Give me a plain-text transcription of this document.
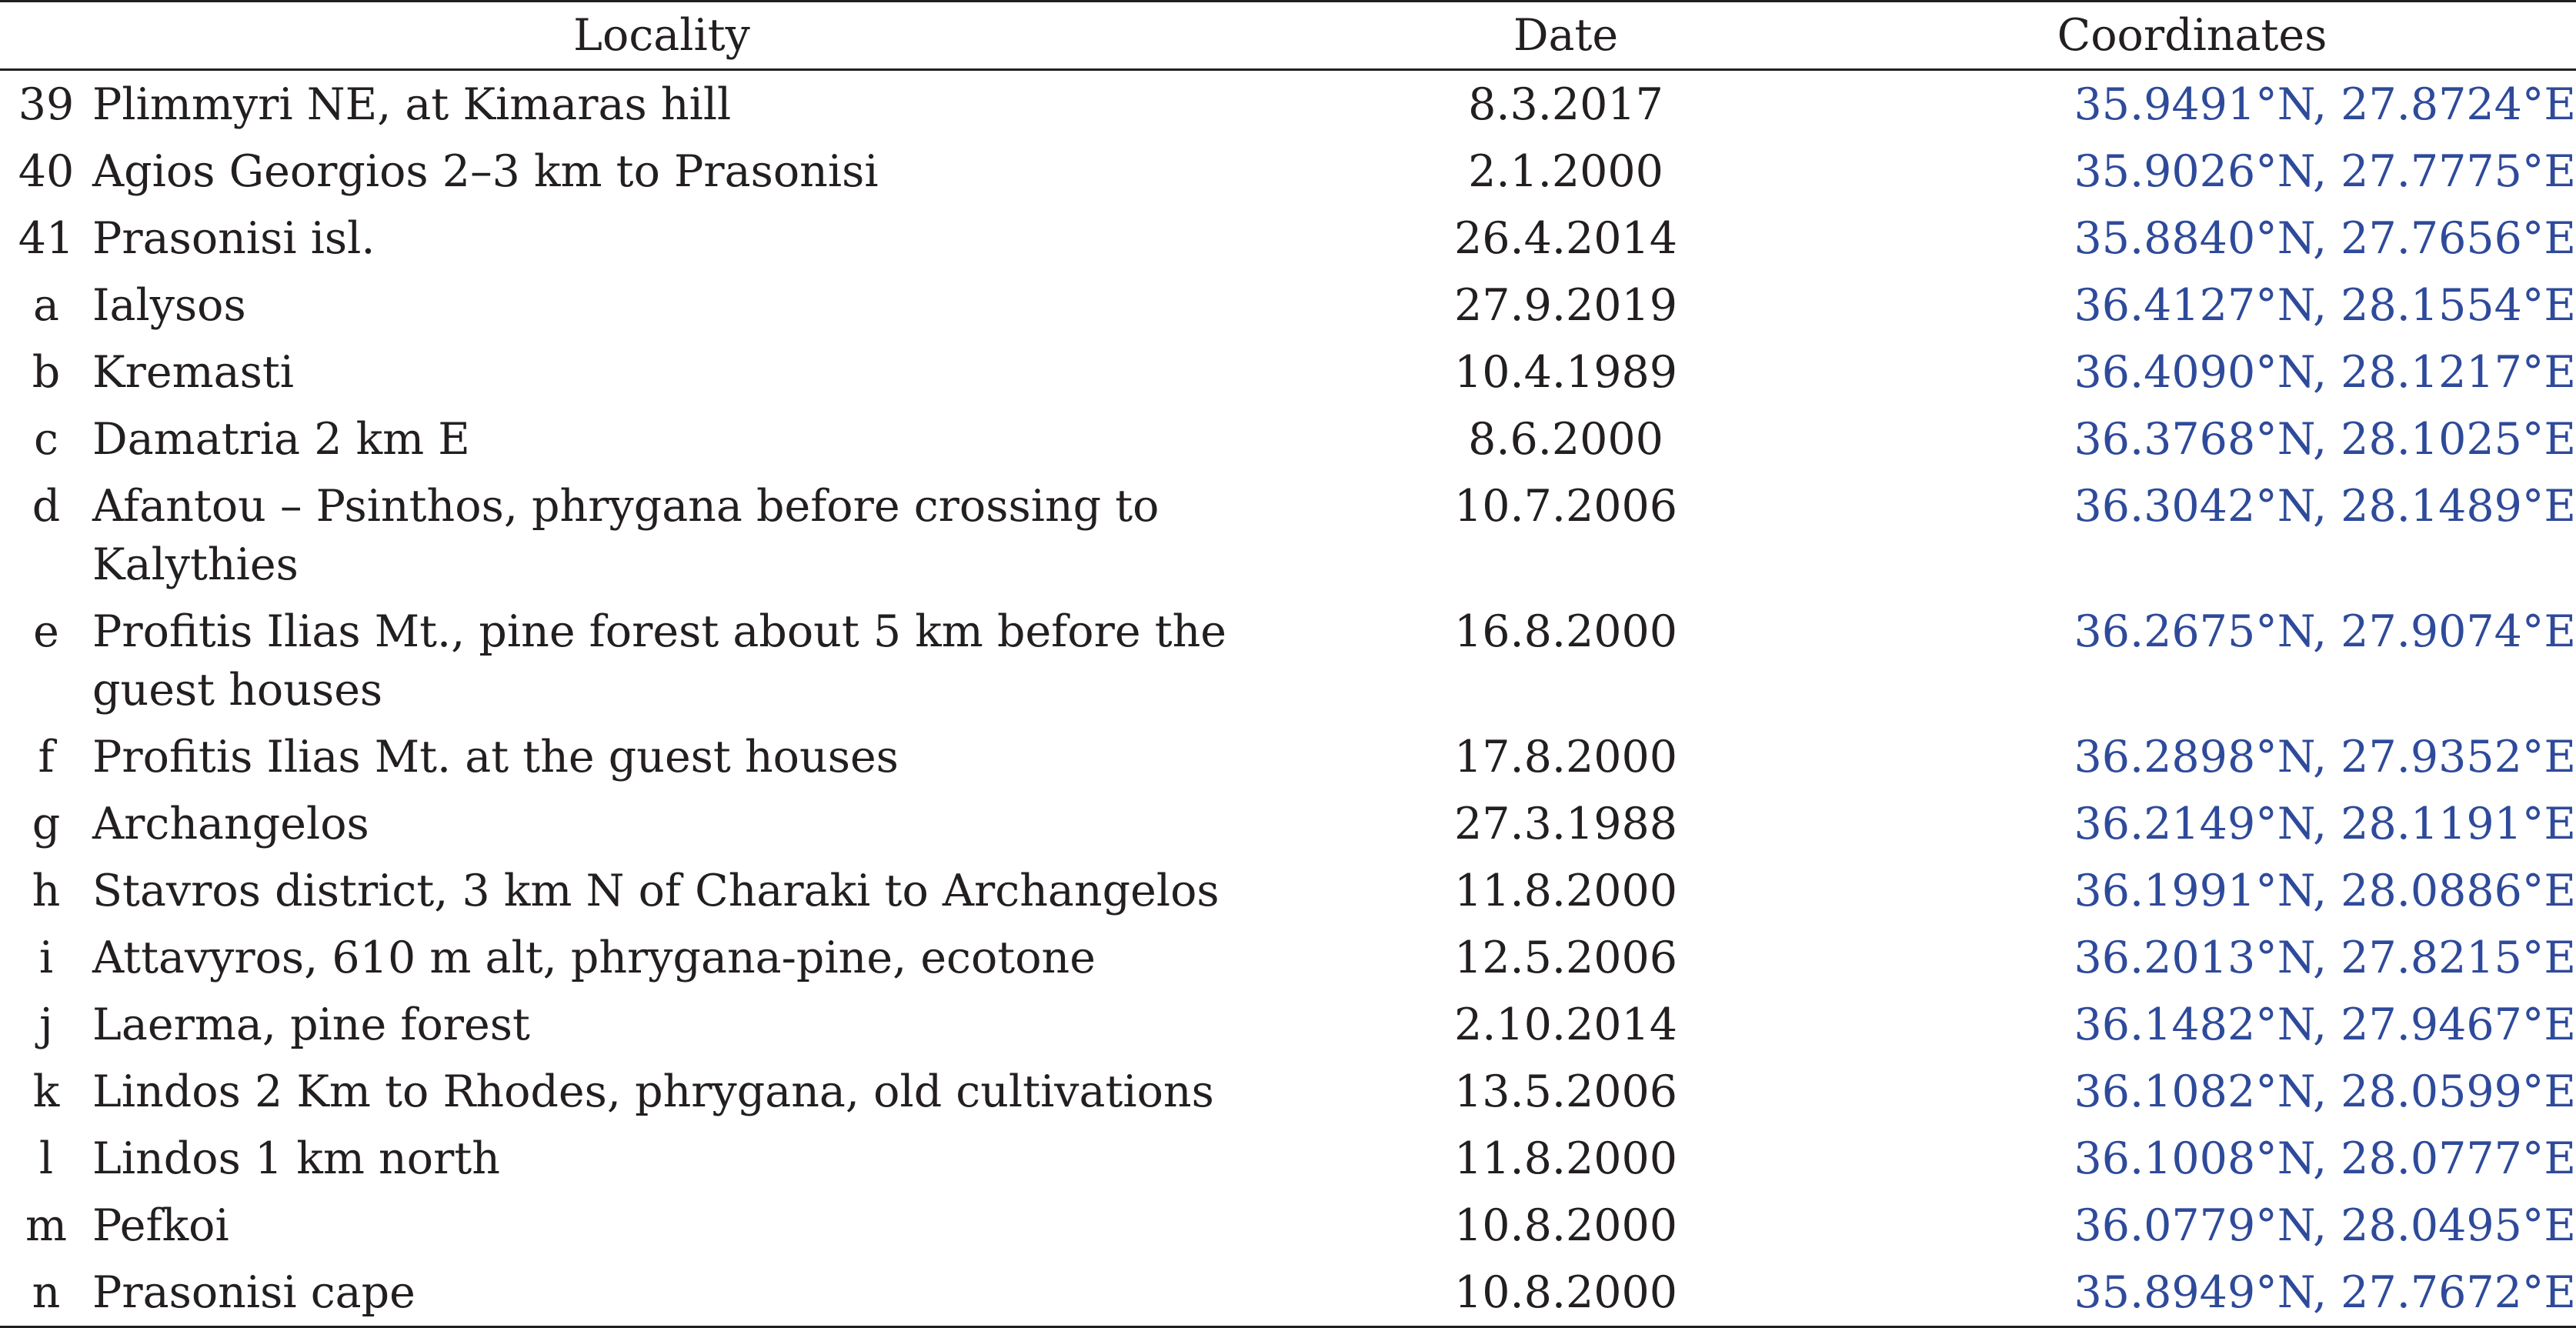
Locality		Date	Coordinates
39	Plimmyri NE, at Kimaras hill	8.3.2017	35.9491°N, 27.8724°E
40	Agios Georgios 2–3 km to Prasonisi	2.1.2000	35.9026°N, 27.7775°E
41	Prasonisi isl.	26.4.2014	35.8840°N, 27.7656°E
a	Ialysos	27.9.2019	36.4127°N, 28.1554°E
b	Kremasti	10.4.1989	36.4090°N, 28.1217°E
c	Damatria 2 km E	8.6.2000	36.3768°N, 28.1025°E
d	Afantou – Psinthos, phrygana before crossing to Kalythies	10.7.2006	36.3042°N, 28.1489°E
e	Profitis Ilias Mt., pine forest about 5 km before the guest houses	16.8.2000	36.2675°N, 27.9074°E
f	Profitis Ilias Mt. at the guest houses	17.8.2000	36.2898°N, 27.9352°E
g	Archangelos	27.3.1988	36.2149°N, 28.1191°E
h	Stavros district, 3 km N of Charaki to Archangelos	11.8.2000	36.1991°N, 28.0886°E
i	Attavyros, 610 m alt, phrygana-pine, ecotone	12.5.2006	36.2013°N, 27.8215°E
j	Laerma, pine forest	2.10.2014	36.1482°N, 27.9467°E
k	Lindos 2 Km to Rhodes, phrygana, old cultivations	13.5.2006	36.1082°N, 28.0599°E
l	Lindos 1 km north	11.8.2000	36.1008°N, 28.0777°E
m	Pefkoi	10.8.2000	36.0779°N, 28.0495°E
n	Prasonisi cape	10.8.2000	35.8949°N, 27.7672°E
